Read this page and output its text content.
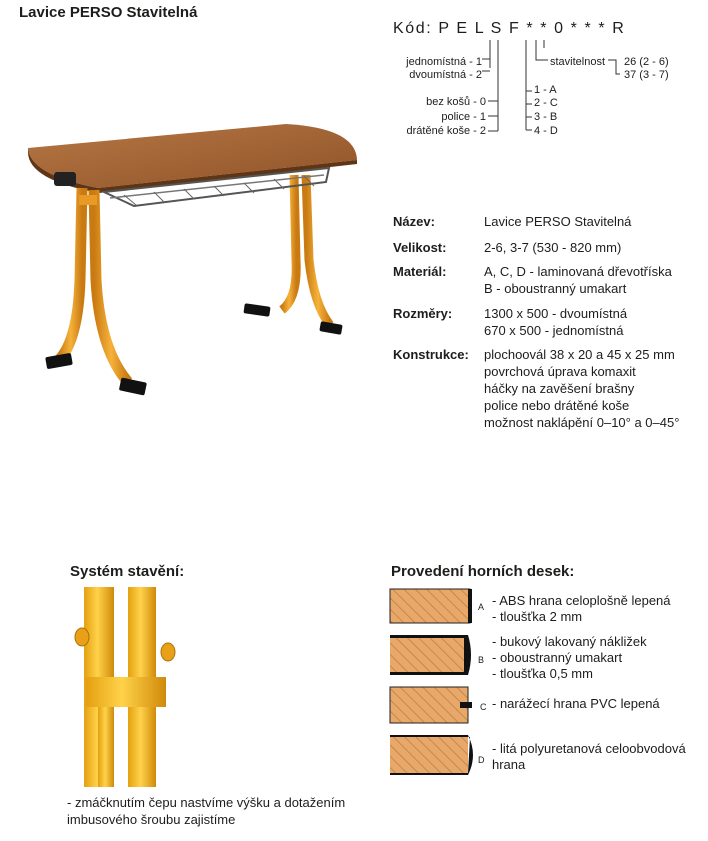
Lavice PERSO Stavitelná
Kód: P E L S F * * 0 * * * R
jednomístná - 1
dvoumístná - 2
bez košů - 0
police - 1
drátěné koše - 2
1 - A
2 - C
3 - B
4 - D
stavitelnost 26 (2 - 6)
37 (3 - 7)
Název:	Lavice PERSO Stavitelná
Velikost:	2-6, 3-7 (530 - 820 mm)
Materiál:	A, C, D - laminovaná dřevotříska
B - oboustranný umakart
Rozměry: 1300 x 500 - dvoumístná
670 x 500 - jednomístná
Konstrukce: plochoovál 38 x 20 a 45 x 25 mm
povrchová úprava komaxit
háčky na zavěšení brašny
police nebo drátěné koše
možnost naklápění 0–10° a 0–45°
Systém stavění:
- zmáčknutím čepu nastvíme výšku a dotažením
imbusového šroubu zajistíme
Provedení horních desek:
A
B
C
D
- ABS hrana celoplošně lepená
- tloušťka 2 mm
- bukový lakovaný nákližek
- oboustranný umakart
- tloušťka 0,5 mm
- narážecí hrana PVC lepená
- litá polyuretanová celoobvodová
hrana
